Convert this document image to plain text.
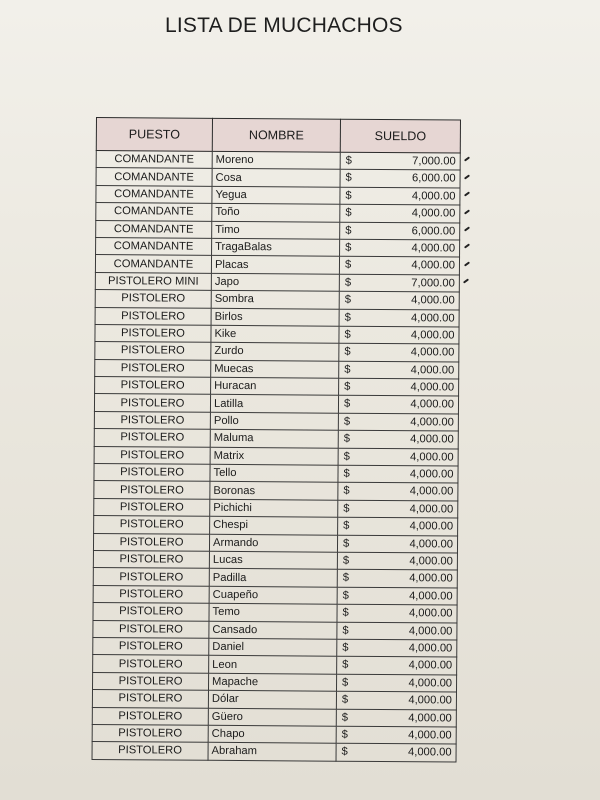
LISTA DE MUCHACHOS
PUESTO	NOMBRE	SUELDO
COMANDANTE	Moreno	$ 7,000.00

COMANDANTE	Cosa	$ 6,000.00

COMANDANTE	Yegua	$ 4,000.00

COMANDANTE	Toño	$ 4,000.00

COMANDANTE	Timo	$ 6,000.00

COMANDANTE	TragaBalas	$ 4,000.00

COMANDANTE	Placas	$ 4,000.00

PISTOLERO MINI	Japo	$ 7,000.00

PISTOLERO	Sombra	$ 4,000.00

PISTOLERO	Birlos	$ 4,000.00

PISTOLERO	Kike	$ 4,000.00

PISTOLERO	Zurdo	$ 4,000.00

PISTOLERO	Muecas	$ 4,000.00

PISTOLERO	Huracan	$ 4,000.00

PISTOLERO	Latilla	$ 4,000.00

PISTOLERO	Pollo	$ 4,000.00

PISTOLERO	Maluma	$ 4,000.00

PISTOLERO	Matrix	$ 4,000.00

PISTOLERO	Tello	$ 4,000.00

PISTOLERO	Boronas	$ 4,000.00

PISTOLERO	Pichichi	$ 4,000.00

PISTOLERO	Chespi	$ 4,000.00

PISTOLERO	Armando	$ 4,000.00

PISTOLERO	Lucas	$ 4,000.00

PISTOLERO	Padilla	$ 4,000.00

PISTOLERO	Cuapeño	$ 4,000.00

PISTOLERO	Temo	$ 4,000.00

PISTOLERO	Cansado	$ 4,000.00

PISTOLERO	Daniel	$ 4,000.00

PISTOLERO	Leon	$ 4,000.00

PISTOLERO	Mapache	$ 4,000.00

PISTOLERO	Dólar	$ 4,000.00

PISTOLERO	Güero	$ 4,000.00

PISTOLERO	Chapo	$ 4,000.00

PISTOLERO	Abraham	$ 4,000.00
